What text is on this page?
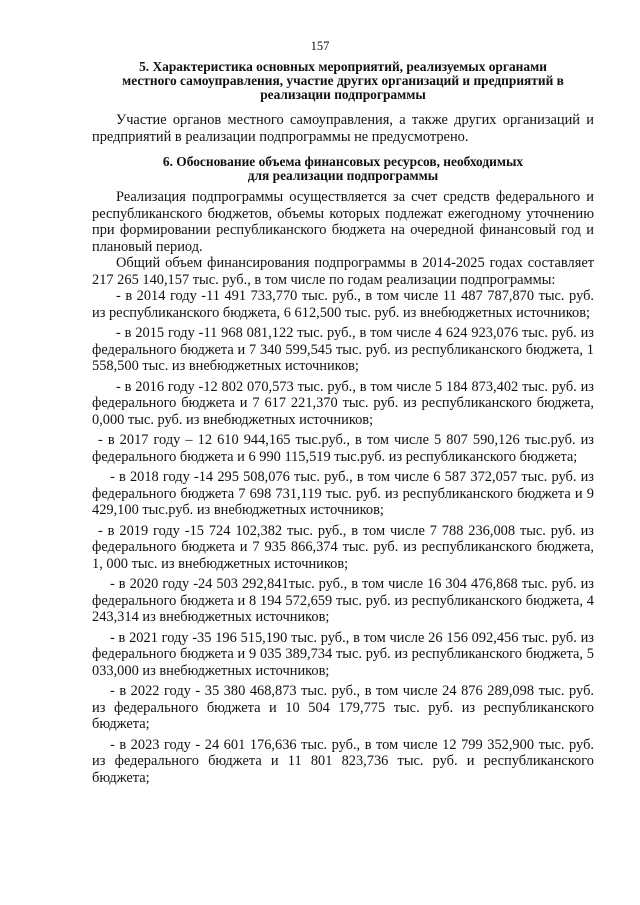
157

5. Характеристика основных мероприятий, реализуемых органами

местного самоуправления, участие других организаций и предприятий в

реализации подпрограммы

Участие органов местного самоуправления, а также других организаций и предприятий в реализации подпрограммы не предусмотрено.

6. Обоснование объема финансовых ресурсов, необходимых

для реализации подпрограммы

Реализация подпрограммы осуществляется за счет средств федерального и республиканского бюджетов, объемы которых подлежат ежегодному уточнению при формировании республиканского бюджета на очередной финансовый год и плановый период.

Общий объем финансирования подпрограммы в 2014-2025 годах составляет 217 265 140,157 тыс. руб., в том числе по годам реализации подпрограммы:

- в 2014 году -11 491 733,770 тыс. руб., в том числе 11 487 787,870 тыс. руб. из республиканского бюджета, 6 612,500 тыс. руб. из внебюджетных источников;

- в 2015 году -11 968 081,122 тыс. руб., в том числе 4 624 923,076 тыс. руб. из федерального бюджета и 7 340 599,545 тыс. руб. из республиканского бюджета, 1 558,500 тыс. из внебюджетных источников;

- в 2016 году -12 802 070,573 тыс. руб., в том числе 5 184 873,402 тыс. руб. из федерального бюджета и 7 617 221,370 тыс. руб. из республиканского бюджета, 0,000 тыс. руб. из внебюджетных источников;

- в 2017 году – 12 610 944,165 тыс.руб., в том числе 5 807 590,126 тыс.руб. из федерального бюджета и 6 990 115,519 тыс.руб. из республиканского бюджета;

- в 2018 году -14 295 508,076 тыс. руб., в том числе 6 587 372,057 тыс. руб. из федерального бюджета 7 698 731,119 тыс. руб. из республиканского бюджета и 9 429,100 тыс.руб. из внебюджетных источников;

- в 2019 году -15 724 102,382 тыс. руб., в том числе 7 788 236,008 тыс. руб. из федерального бюджета и 7 935 866,374 тыс. руб. из республиканского бюджета, 1, 000 тыс. из внебюджетных источников;

- в 2020 году -24 503 292,841тыс. руб., в том числе 16 304 476,868 тыс. руб. из федерального бюджета и 8 194 572,659 тыс. руб. из республиканского бюджета, 4 243,314 из внебюджетных источников;

- в 2021 году -35 196 515,190 тыс. руб., в том числе 26 156 092,456 тыс. руб. из федерального бюджета и 9 035 389,734 тыс. руб. из республиканского бюджета, 5 033,000 из внебюджетных источников;

- в 2022 году - 35 380 468,873 тыс. руб., в том числе 24 876 289,098 тыс. руб. из федерального бюджета и 10 504 179,775 тыс. руб. из республиканского бюджета;

- в 2023 году - 24 601 176,636 тыс. руб., в том числе 12 799 352,900 тыс. руб. из федерального бюджета и 11 801 823,736 тыс. руб. и республиканского бюджета;
